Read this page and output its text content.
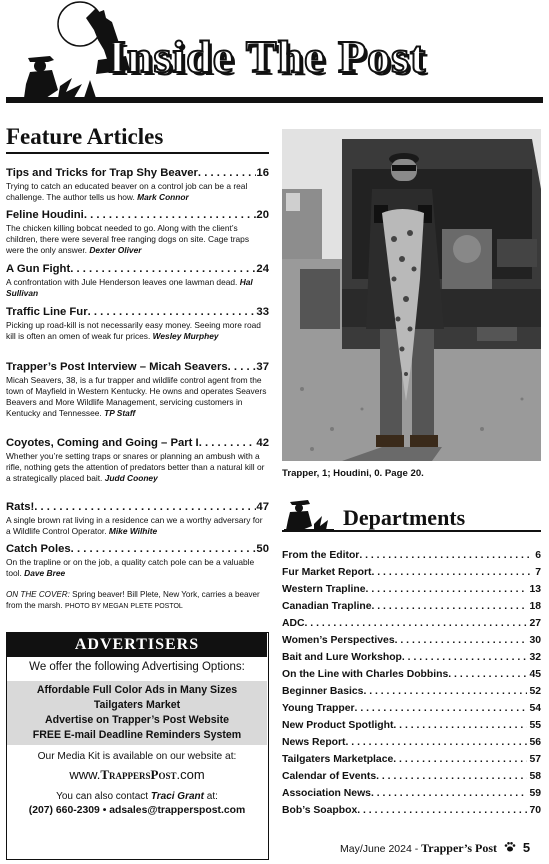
Inside The Post
Feature Articles
Tips and Tricks for Trap Shy Beaver . . .	16
Trying to catch an educated beaver on a control job can be a real challenge. The author tells us how. Mark Connor
Feline Houdini . . .	20
The chicken killing bobcat needed to go. Along with the client’s children, there were several free ranging dogs on site. Cage traps were the only answer. Dexter Oliver
A Gun Fight . . .	24
A confrontation with Jule Henderson leaves one lawman dead. Hal Sullivan
Traffic Line Fur . . .	33
Picking up road-kill is not necessarily easy money. Seeing more road kill is often an omen of weak fur prices. Wesley Murphey
Trapper’s Post Interview – Micah Seavers . . .	37
Micah Seavers, 38, is a fur trapper and wildlife control agent from the town of Mayfield in Western Kentucky. He owns and operates Seavers Beavers and More Wildlife Management, servicing customers in Kentucky and Tennessee. TP Staff
Coyotes, Coming and Going – Part I . . .	42
Whether you’re setting traps or snares or planning an ambush with a rifle, nothing gets the attention of predators better than a natural kill or a strategically placed bait. Judd Cooney
Rats! . . .	47
A single brown rat living in a residence can we a worthy adversary for a Wildlife Control Operator. Mike Wilhite
Catch Poles . . .	50
On the trapline or on the job, a quality catch pole can be a valuable tool. Dave Bree
ON THE COVER: Spring beaver! Bill Plete, New York, carries a beaver from the marsh. PHOTO BY MEGAN PLETE POSTOL
ADVERTISERS
We offer the following Advertising Options:
Affordable Full Color Ads in Many Sizes
Tailgaters Market
Advertise on Trapper’s Post Website
FREE E-mail Deadline Reminders System
Our Media Kit is available on our website at:
www.TrappersPost.com
You can also contact Traci Grant at:
(207) 660-2309 • adsales@trapperspost.com
Trapper, 1; Houdini, 0. Page 20.
Departments
From the Editor . . .	6
Fur Market Report . . .	7
Western Trapline . . .	13
Canadian Trapline . . .	18
ADC . . .	27
Women’s Perspectives . . .	30
Bait and Lure Workshop . . .	32
On the Line with Charles Dobbins . . .	45
Beginner Basics . . .	52
Young Trapper . . .	54
New Product Spotlight . . .	55
News Report . . .	56
Tailgaters Marketplace . . .	57
Calendar of Events . . .	58
Association News . . .	59
Bob’s Soapbox . . .	70
May/June 2024 - Trapper’s Post 5
